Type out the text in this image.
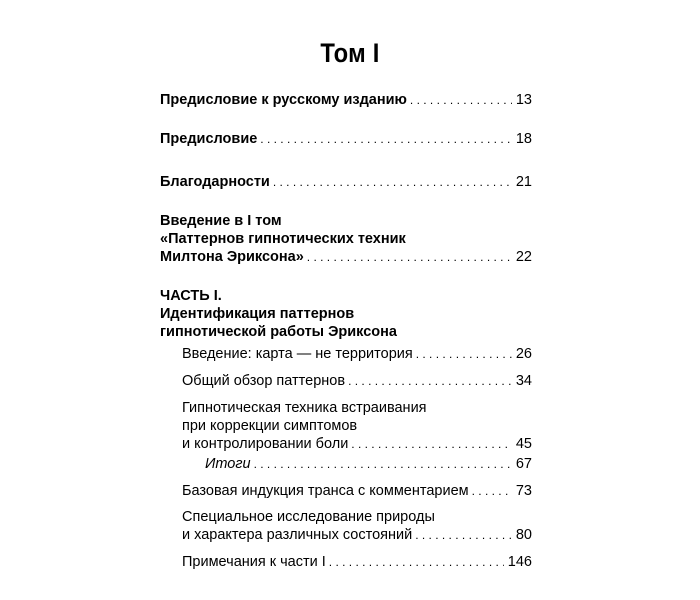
Том I
Предисловие к русскому изданию . . .	13
Предисловие . . .	18
Благодарности . . .	21
Введение в I том
«Паттернов гипнотических техник
Милтона Эриксона» . . .	22
ЧАСТЬ I.
Идентификация паттернов
гипнотической работы Эриксона
Введение: карта — не территория . . .	26
Общий обзор паттернов . . .	34
Гипнотическая техника встраивания
при коррекции симптомов
и контролировании боли . . .	45
Итоги . . .	67
Базовая индукция транса с комментарием . . .	73
Специальное исследование природы
и характера различных состояний . . .	80
Примечания к части I . . .	146
